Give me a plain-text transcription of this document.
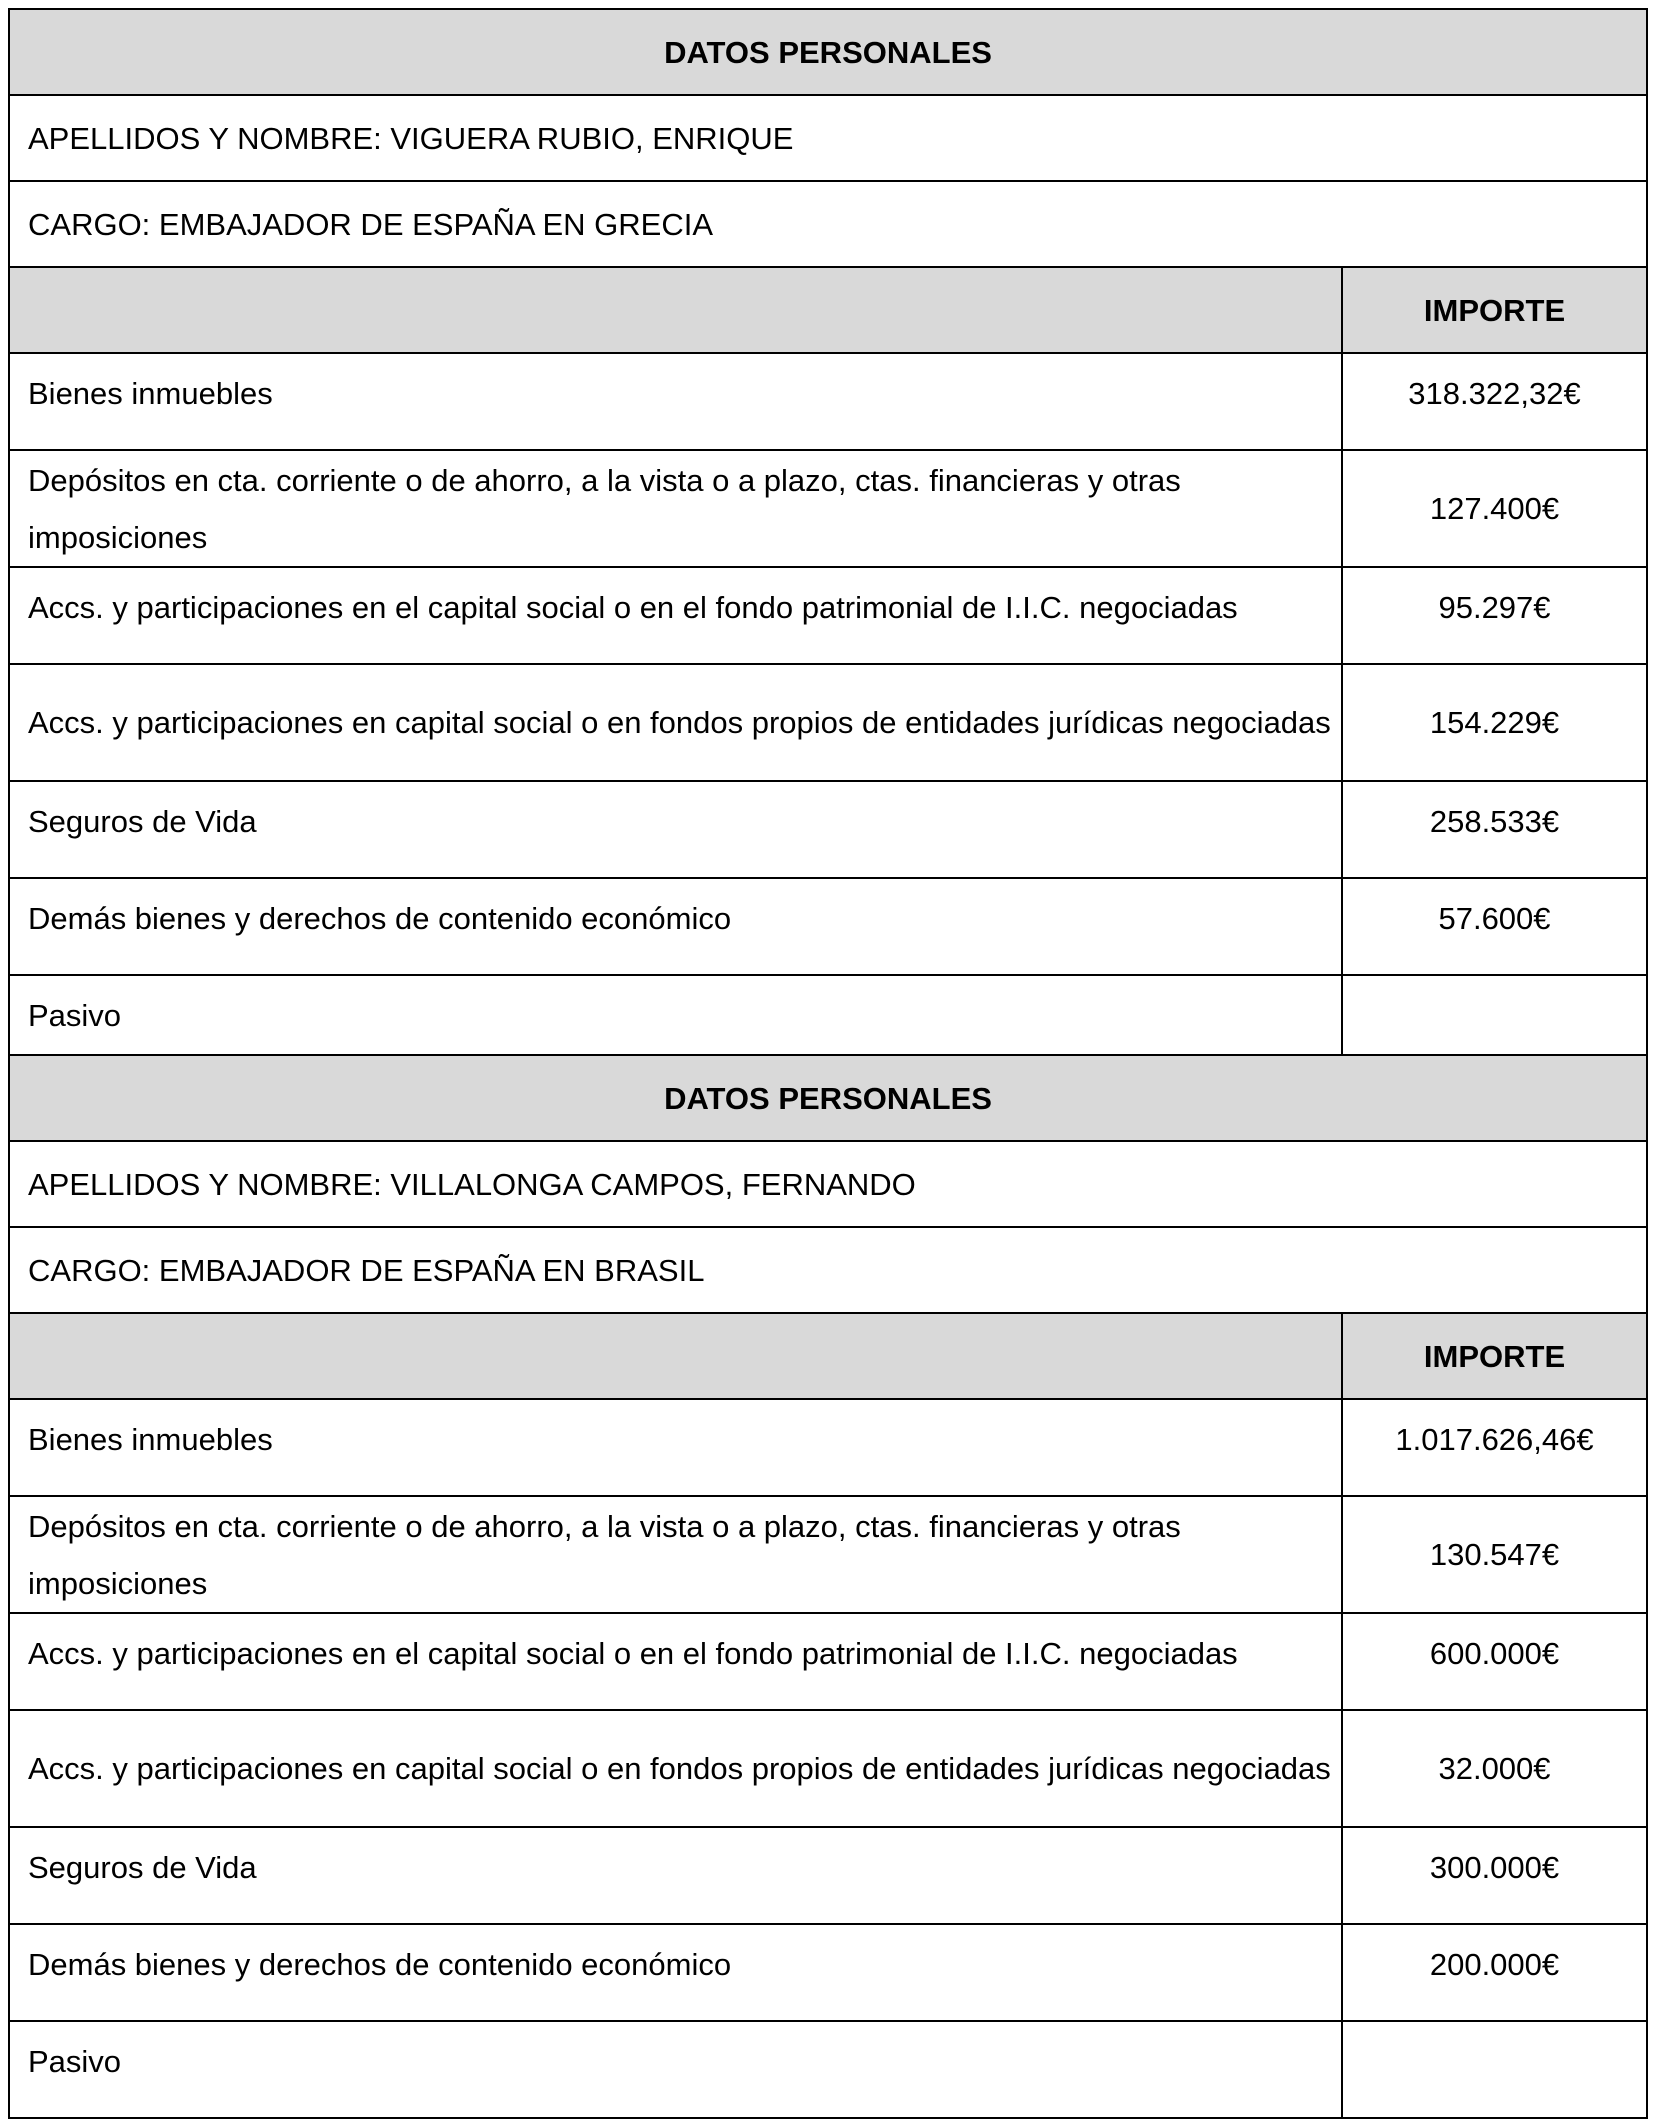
DATOS PERSONALES	
APELLIDOS Y NOMBRE: VIGUERA RUBIO, ENRIQUE	
CARGO: EMBAJADOR DE ESPAÑA EN GRECIA	
	IMPORTE
Bienes inmuebles	318.322,32€
Depósitos en cta. corriente o de ahorro, a la vista o a plazo, ctas. financieras y otras imposiciones	127.400€
Accs. y participaciones en el capital social o en el fondo patrimonial de I.I.C. negociadas	95.297€
Accs. y participaciones en capital social o en fondos propios de entidades jurídicas negociadas	154.229€
Seguros de Vida	258.533€
Demás bienes y derechos de contenido económico	57.600€
Pasivo	
DATOS PERSONALES	
APELLIDOS Y NOMBRE: VILLALONGA CAMPOS, FERNANDO	
CARGO: EMBAJADOR DE ESPAÑA EN BRASIL	
	IMPORTE
Bienes inmuebles	1.017.626,46€
Depósitos en cta. corriente o de ahorro, a la vista o a plazo, ctas. financieras y otras imposiciones	130.547€
Accs. y participaciones en el capital social o en el fondo patrimonial de I.I.C. negociadas	600.000€
Accs. y participaciones en capital social o en fondos propios de entidades jurídicas negociadas	32.000€
Seguros de Vida	300.000€
Demás bienes y derechos de contenido económico	200.000€
Pasivo	
